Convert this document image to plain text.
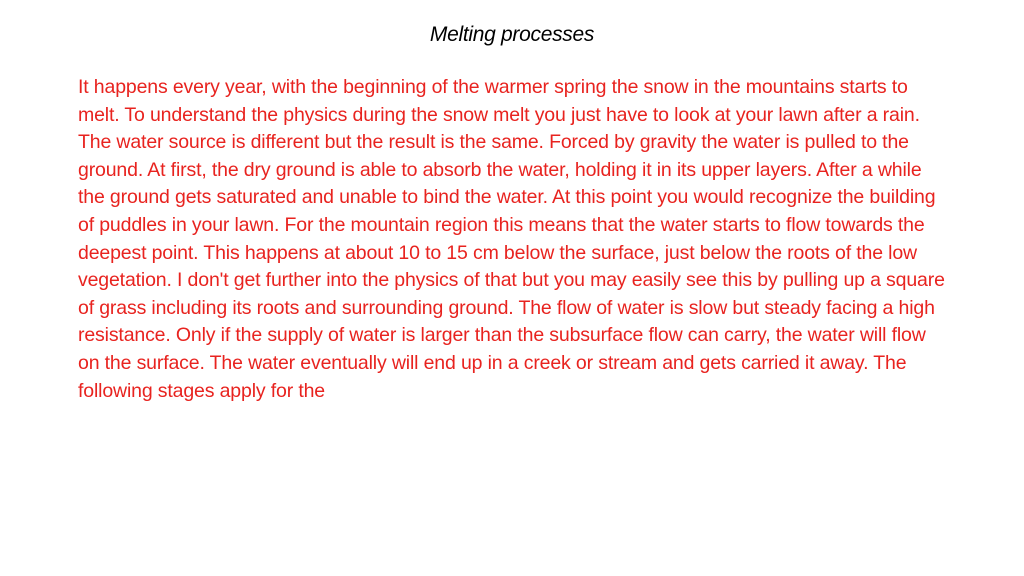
Melting processes

It happens every year, with the beginning of the warmer spring the snow in the mountains starts to melt. To understand the physics during the snow melt you just have to look at your lawn after a rain. The water source is different but the result is the same. Forced by gravity the water is pulled to the ground. At first, the dry ground is able to absorb the water, holding it in its upper layers. After a while the ground gets saturated and unable to bind the water. At this point you would recognize the building of puddles in your lawn. For the mountain region this means that the water starts to flow towards the deepest point. This happens at about 10 to 15 cm below the surface, just below the roots of the low vegetation. I don't get further into the physics of that but you may easily see this by pulling up a square of grass including its roots and surrounding ground. The flow of water is slow but steady facing a high resistance. Only if the supply of water is larger than the subsurface flow can carry, the water will flow on the surface. The water eventually will end up in a creek or stream and gets carried it away. The following stages apply for the
